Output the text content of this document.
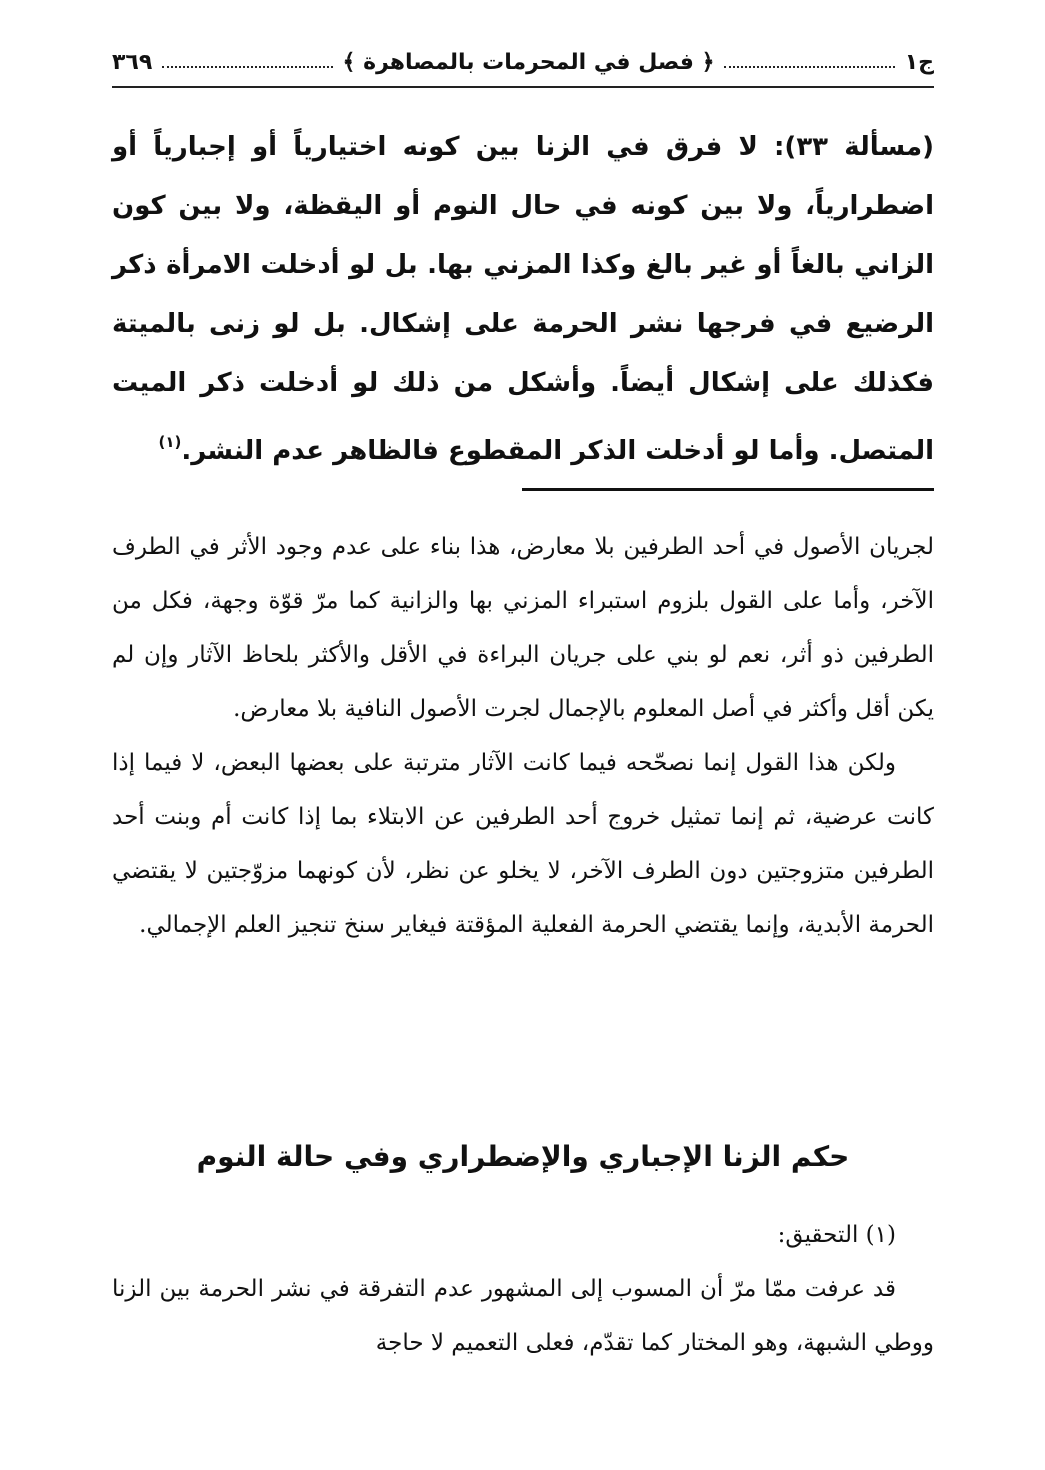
ج١
﴿ فصل في المحرمات بالمصاهرة ﴾
٣٦٩

(مسألة ٣٣): لا فرق في الزنا بين كونه اختيارياً أو إجبارياً أو اضطرارياً، ولا بين كونه في حال النوم أو اليقظة، ولا بين كون الزاني بالغاً أو غير بالغ وكذا المزني بها. بل لو أدخلت الامرأة ذكر الرضيع في فرجها نشر الحرمة على إشكال. بل لو زنى بالميتة فكذلك على إشكال أيضاً. وأشكل من ذلك لو أدخلت ذكر الميت المتصل. وأما لو أدخلت الذكر المقطوع فالظاهر عدم النشر.$^{(١)}$

لجريان الأصول في أحد الطرفين بلا معارض، هذا بناء على عدم وجود الأثر في الطرف الآخر، وأما على القول بلزوم استبراء المزني بها والزانية كما مرّ قوّة وجهة، فكل من الطرفين ذو أثر، نعم لو بني على جريان البراءة في الأقل والأكثر بلحاظ الآثار وإن لم يكن أقل وأكثر في أصل المعلوم بالإجمال لجرت الأصول النافية بلا معارض.

ولكن هذا القول إنما نصحّحه فيما كانت الآثار مترتبة على بعضها البعض، لا فيما إذا كانت عرضية، ثم إنما تمثيل خروج أحد الطرفين عن الابتلاء بما إذا كانت أم وبنت أحد الطرفين متزوجتين دون الطرف الآخر، لا يخلو عن نظر، لأن كونهما مزوّجتين لا يقتضي الحرمة الأبدية، وإنما يقتضي الحرمة الفعلية المؤقتة فيغاير سنخ تنجيز العلم الإجمالي.

حكم الزنا الإجباري والإضطراري وفي حالة النوم

(١) التحقيق:

قد عرفت ممّا مرّ أن المسوب إلى المشهور عدم التفرقة في نشر الحرمة بين الزنا ووطي الشبهة، وهو المختار كما تقدّم، فعلى التعميم لا حاجة
